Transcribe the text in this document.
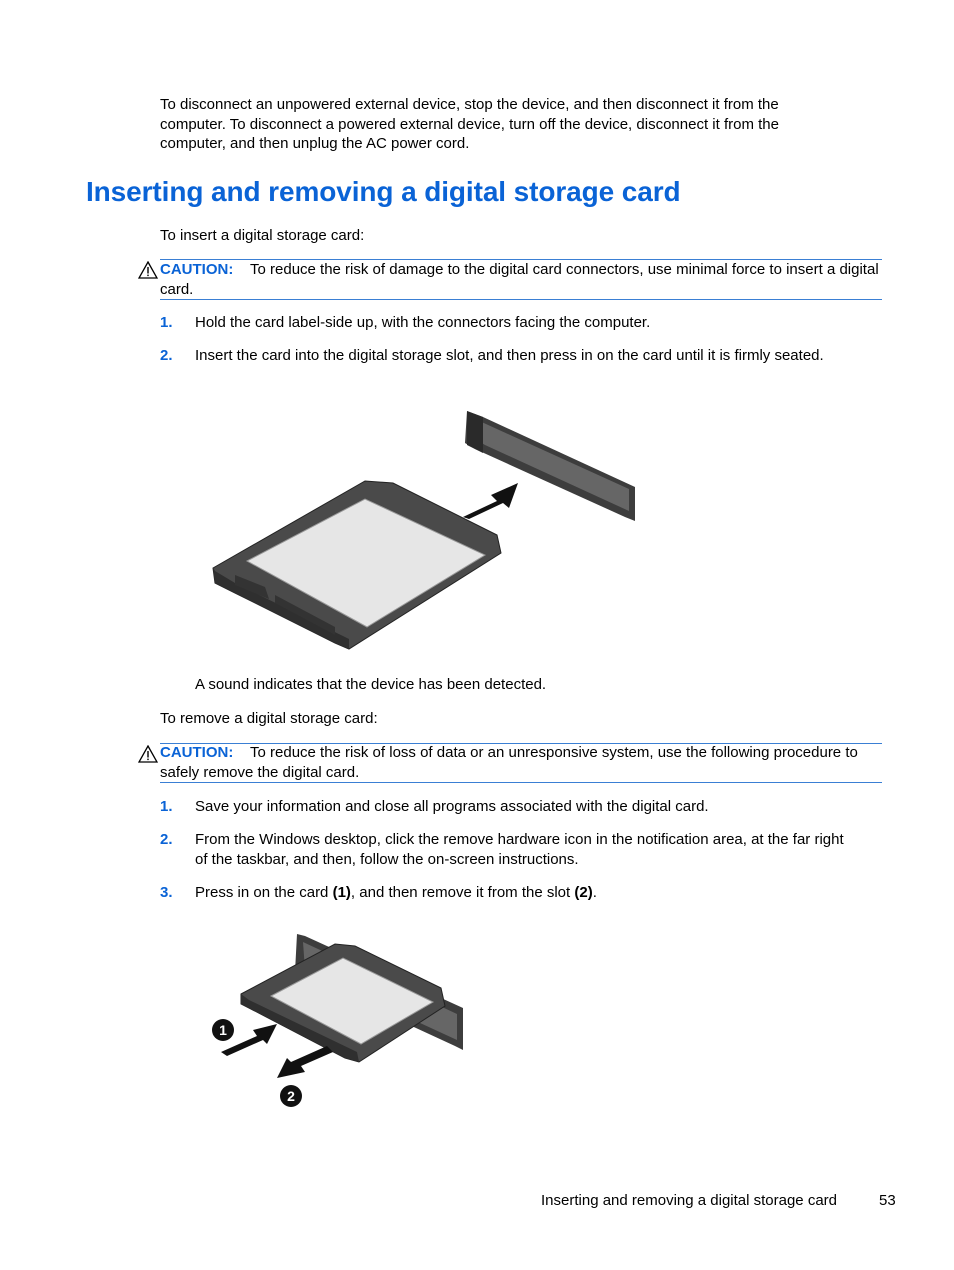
To disconnect an unpowered external device, stop the device, and then disconnect it from the computer. To disconnect a powered external device, turn off the device, disconnect it from the computer, and then unplug the AC power cord.
Inserting and removing a digital storage card
To insert a digital storage card:
CAUTION: To reduce the risk of damage to the digital card connectors, use minimal force to insert a digital card.
1. Hold the card label-side up, with the connectors facing the computer.
2. Insert the card into the digital storage slot, and then press in on the card until it is firmly seated.
A sound indicates that the device has been detected.
To remove a digital storage card:
CAUTION: To reduce the risk of loss of data or an unresponsive system, use the following procedure to safely remove the digital card.
1. Save your information and close all programs associated with the digital card.
2. From the Windows desktop, click the remove hardware icon in the notification area, at the far right of the taskbar, and then, follow the on-screen instructions.
3. Press in on the card (1), and then remove it from the slot (2).
1
2
Inserting and removing a digital storage card	53
